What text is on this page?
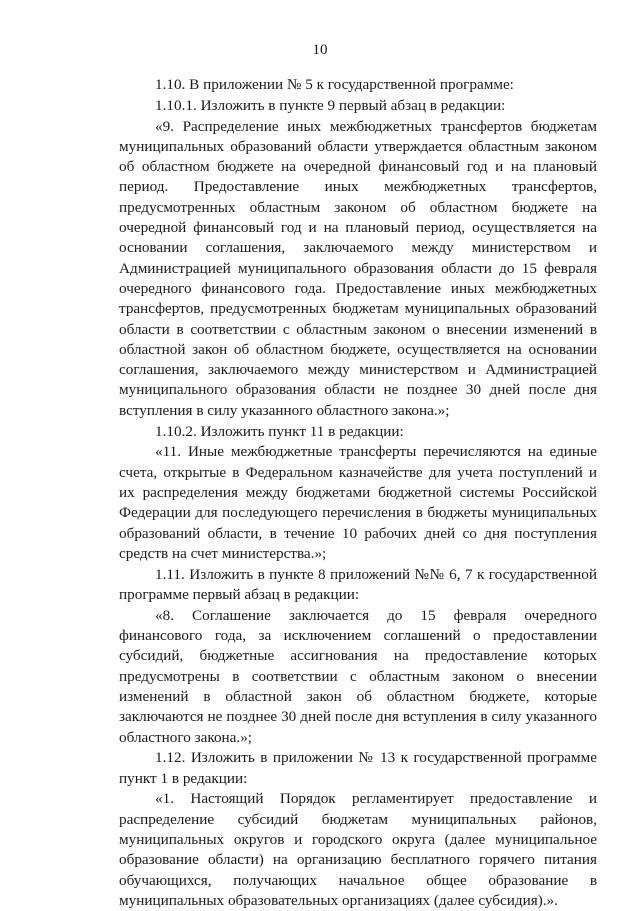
10

1.10. В приложении № 5 к государственной программе:

1.10.1. Изложить в пункте 9 первый абзац в редакции:

«9. Распределение иных межбюджетных трансфертов бюджетам муниципальных образований области утверждается областным законом об областном бюджете на очередной финансовый год и на плановый период. Предоставление иных межбюджетных трансфертов, предусмотренных областным законом об областном бюджете на очередной финансовый год и на плановый период, осуществляется на основании соглашения, заключаемого между министерством и Администрацией муниципального образования области до 15 февраля очередного финансового года. Предоставление иных межбюджетных трансфертов, предусмотренных бюджетам муниципальных образований области в соответствии с областным законом о внесении изменений в областной закон об областном бюджете, осуществляется на основании соглашения, заключаемого между министерством и Администрацией муниципального образования области не позднее 30 дней после дня вступления в силу указанного областного закона.»;

1.10.2. Изложить пункт 11 в редакции:

«11. Иные межбюджетные трансферты перечисляются на единые счета, открытые в Федеральном казначействе для учета поступлений и их распределения между бюджетами бюджетной системы Российской Федерации для последующего перечисления в бюджеты муниципальных образований области, в течение 10 рабочих дней со дня поступления средств на счет министерства.»;

1.11. Изложить в пункте 8 приложений №№ 6, 7 к государственной программе первый абзац в редакции:

«8. Соглашение заключается до 15 февраля очередного финансового года, за исключением соглашений о предоставлении субсидий, бюджетные ассигнования на предоставление которых предусмотрены в соответствии с областным законом о внесении изменений в областной закон об областном бюджете, которые заключаются не позднее 30 дней после дня вступления в силу указанного областного закона.»;

1.12. Изложить в приложении № 13 к государственной программе пункт 1 в редакции:

«1. Настоящий Порядок регламентирует предоставление и распределение субсидий бюджетам муниципальных районов, муниципальных округов и городского округа (далее муниципальное образование области) на организацию бесплатного горячего питания обучающихся, получающих начальное общее образование в муниципальных образовательных организациях (далее субсидия).».
